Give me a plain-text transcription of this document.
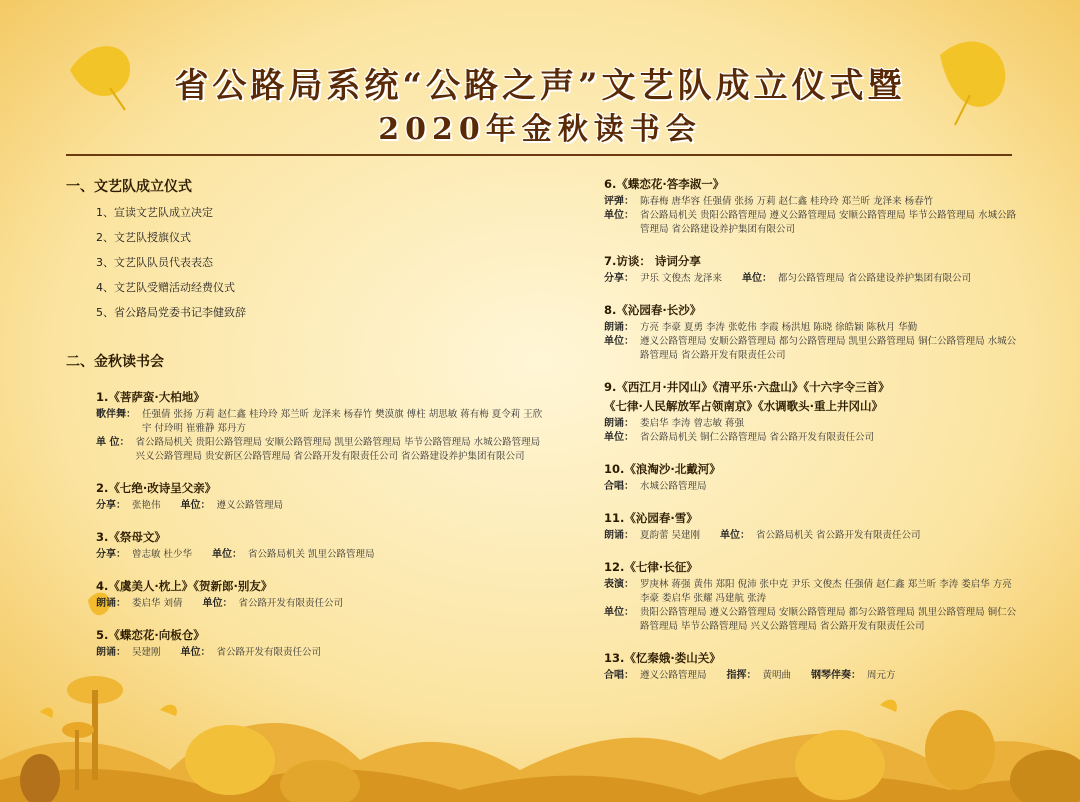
省公路局系统“公路之声”文艺队成立仪式暨
2020年金秋读书会
一、文艺队成立仪式
1、宣读文艺队成立决定
2、文艺队授旗仪式
3、文艺队队员代表表态
4、文艺队受赠活动经费仪式
5、省公路局党委书记李健致辞
二、金秋读书会
1.《菩萨蛮·大柏地》
歌伴舞： 任强倩 张扬 万莉 赵仁鑫 桂玲玲 郑兰昕 龙泽来 杨春竹 樊漠旗 傅柱 胡思敏 蒋有梅 夏令莉 王欣宇 付玲明 崔雅静 郑丹方
单 位： 省公路局机关 贵阳公路管理局 安顺公路管理局 凯里公路管理局 毕节公路管理局 水城公路管理局 兴义公路管理局 贵安新区公路管理局 省公路开发有限责任公司 省公路建设养护集团有限公司
2.《七绝·改诗呈父亲》
分享： 张艳伟 单位： 遵义公路管理局
3.《祭母文》
分享： 曾志敏 杜少华 单位： 省公路局机关 凯里公路管理局
4.《虞美人·枕上》《贺新郎·别友》
朗诵： 娄启华 刘倩 单位： 省公路开发有限责任公司
5.《蝶恋花·向板仓》
朗诵： 吴建刚 单位： 省公路开发有限责任公司
6.《蝶恋花·答李淑一》
评弹： 陈春梅 唐华容 任强倩 张扬 万莉 赵仁鑫 桂玲玲 郑兰昕 龙泽来 杨春竹
单位： 省公路局机关 贵阳公路管理局 遵义公路管理局 安顺公路管理局 毕节公路管理局 水城公路管理局 省公路建设养护集团有限公司
7.访谈： 诗词分享
分享： 尹乐 文俊杰 龙泽来 单位： 都匀公路管理局 省公路建设养护集团有限公司
8.《沁园春·长沙》
朗诵： 方亮 李豪 夏勇 李涛 张乾伟 李霞 杨洪旭 陈晓 徐皓颖 陈秋月 华勤
单位： 遵义公路管理局 安顺公路管理局 都匀公路管理局 凯里公路管理局 铜仁公路管理局 水城公路管理局 省公路开发有限责任公司
9.《西江月·井冈山》《清平乐·六盘山》《十六字令三首》
《七律·人民解放军占领南京》《水调歌头·重上井冈山》
朗诵： 娄启华 李涛 曾志敏 蒋强
单位： 省公路局机关 铜仁公路管理局 省公路开发有限责任公司
10.《浪淘沙·北戴河》
合唱： 水城公路管理局
11.《沁园春·雪》
朗诵： 夏韵蕾 吴建刚 单位： 省公路局机关 省公路开发有限责任公司
12.《七律·长征》
表演： 罗庚林 蒋强 黄伟 郑阳 倪沛 张中克 尹乐 文俊杰 任强倩 赵仁鑫 郑兰昕 李涛 娄启华 方亮 李豪 娄启华 张耀 冯建航 张涛
单位： 贵阳公路管理局 遵义公路管理局 安顺公路管理局 都匀公路管理局 凯里公路管理局 铜仁公路管理局 毕节公路管理局 兴义公路管理局 省公路开发有限责任公司
13.《忆秦娥·娄山关》
合唱： 遵义公路管理局 指挥： 黄明曲 钢琴伴奏： 周元方
